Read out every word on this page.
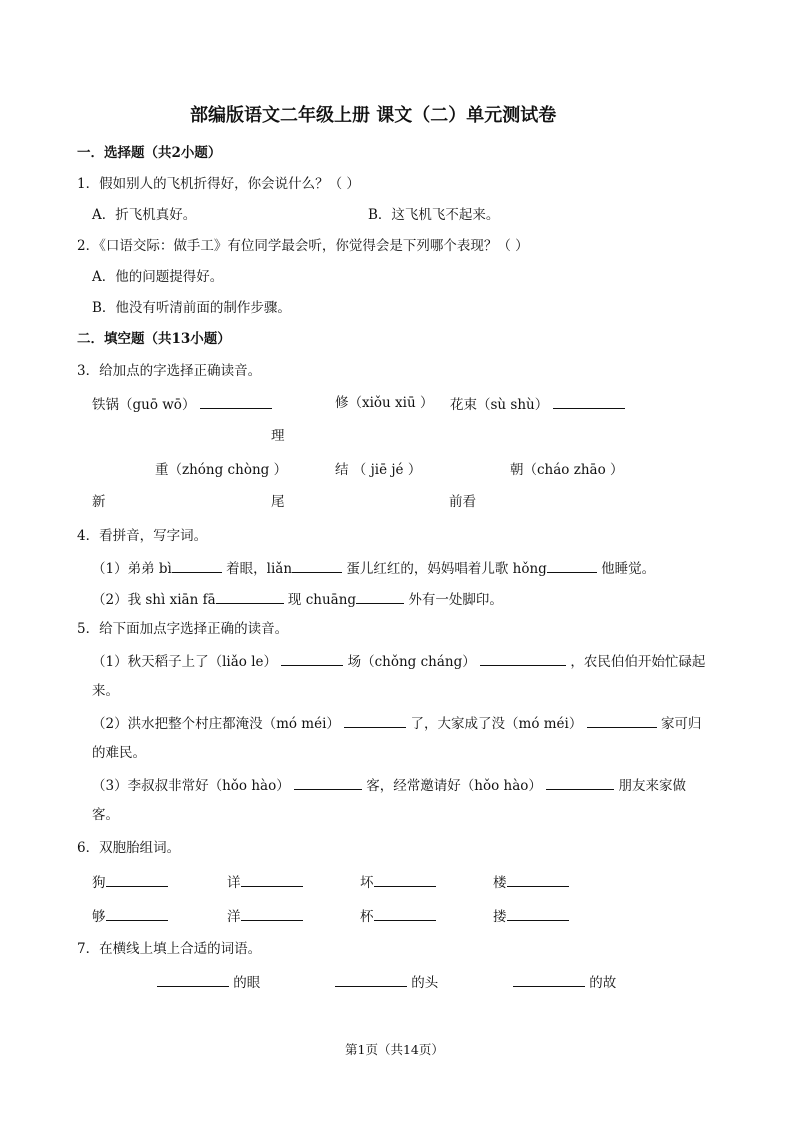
部编版语文二年级上册 课文（二）单元测试卷
一．选择题（共2小题）
1．假如别人的飞机折得好，你会说什么？（ ）
A．折飞机真好。	B．这飞机飞不起来。
2．《口语交际：做手工》有位同学最会听，你觉得会是下列哪个表现？（ ）
A．他的问题提得好。
B．他没有听清前面的制作步骤。
二．填空题（共13小题）
3．给加点的字选择正确读音。
铁锅（guō wō）	修（xiǒu xiū ） 花束（sù shù）
理
重（zhóng chòng ）	结 （ jiē jé ）	朝（cháo zhāo ）
新	尾	前看
4．看拼音，写字词。
（1）弟弟 bì	着眼，liǎn	蛋儿红红的，妈妈唱着儿歌 hǒng	他睡觉。
（2）我 shì xiān fā	现 chuāng	外有一处脚印。
5．给下面加点字选择正确的读音。
（1）秋天稻子上了（liǎo le）	场（chǒng cháng）	，农民伯伯开始忙碌起
来。
（2）洪水把整个村庄都淹没（mó méi）	了，大家成了没（mó méi）	家可归
的难民。
（3）李叔叔非常好（hǒo hào）	客，经常邀请好（hǒo hào）	朋友来家做
客。
6．双胞胎组词。
狗	详	坏	楼
够	洋	杯	搂
7．在横线上填上合适的词语。
的眼	的头	的故
第1页（共14页）
